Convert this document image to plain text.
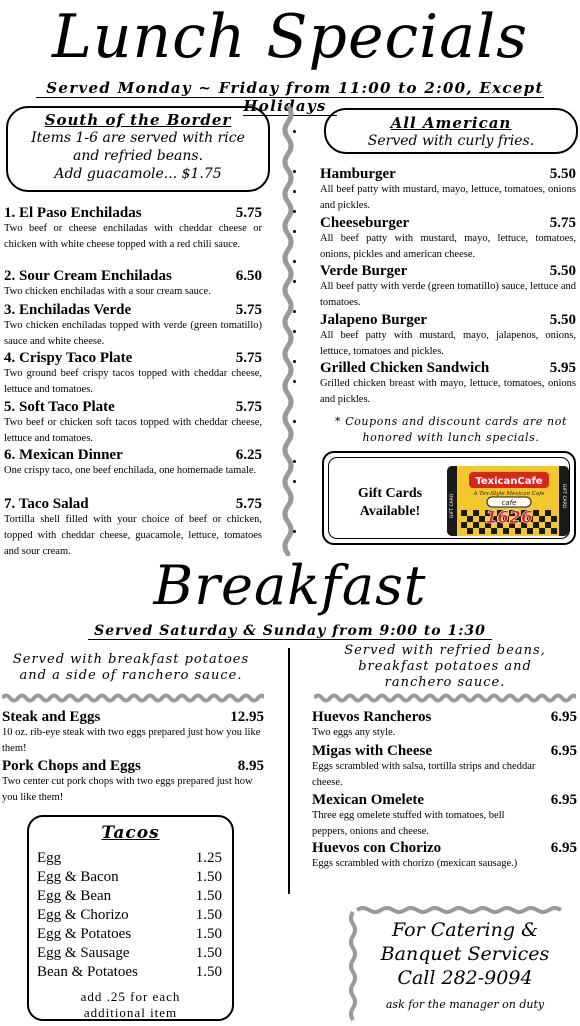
Lunch Specials
Served Monday ~ Friday from 11:00 to 2:00, Except Holidays
South of the Border
Items 1-6 are served with rice
and refried beans.
Add guacamole... $1.75
1. El Paso Enchiladas	5.75
Two beef or cheese enchiladas with cheddar cheese or chicken with white cheese topped with a red chili sauce.
2. Sour Cream Enchiladas	6.50
Two chicken enchiladas with a sour cream sauce.
3. Enchiladas Verde	5.75
Two chicken enchiladas topped with verde (green tomatillo) sauce and white cheese.
4. Crispy Taco Plate	5.75
Two ground beef crispy tacos topped with cheddar cheese, lettuce and tomatoes.
5. Soft Taco Plate	5.75
Two beef or chicken soft tacos topped with cheddar cheese, lettuce and tomatoes.
6. Mexican Dinner	6.25
One crispy taco, one beef enchilada, one homemade tamale.
7. Taco Salad	5.75
Tortilla shell filled with your choice of beef or chicken, topped with cheddar cheese, guacamole, lettuce, tomatoes and sour cream.
All American
Served with curly fries.
Hamburger	5.50
All beef patty with mustard, mayo, lettuce, tomatoes, onions and pickles.
Cheeseburger	5.75
All beef patty with mustard, mayo, lettuce, tomatoes, onions, pickles and american cheese.
Verde Burger	5.50
All beef patty with verde (green tomatillo) sauce, lettuce and tomatoes.
Jalapeno Burger	5.50
All beef patty with mustard, mayo, jalapenos, onions, lettuce, tomatoes and pickles.
Grilled Chicken Sandwich	5.95
Grilled chicken breast with mayo, lettuce, tomatoes, onions and pickles.
* Coupons and discount cards are not
honored with lunch specials.
Gift Cards
Available!
TexicanCafe
A Tex-Style Mexican Cafe
cafe
1626
GIFT CARD	GIFT CARD
Breakfast
Served Saturday & Sunday from 9:00 to 1:30
Served with breakfast potatoes
and a side of ranchero sauce.
Served with refried beans,
breakfast potatoes and
ranchero sauce.
Steak and Eggs	12.95
10 oz. rib-eye steak with two eggs prepared just how you like them!
Pork Chops and Eggs	8.95
Two center cut pork chops with two eggs prepared just how you like them!
Huevos Rancheros	6.95
Two eggs any style.
Migas with Cheese	6.95
Eggs scrambled with salsa, tortilla strips and cheddar cheese.
Mexican Omelete	6.95
Three egg omelete stuffed with tomatoes, bell peppers, onions and cheese.
Huevos con Chorizo	6.95
Eggs scrambled with chorizo (mexican sausage.)
Tacos
Egg	1.25
Egg & Bacon	1.50
Egg & Bean	1.50
Egg & Chorizo	1.50
Egg & Potatoes	1.50
Egg & Sausage	1.50
Bean & Potatoes	1.50
add .25 for each
additional item
For Catering &
Banquet Services
Call 282-9094
ask for the manager on duty
